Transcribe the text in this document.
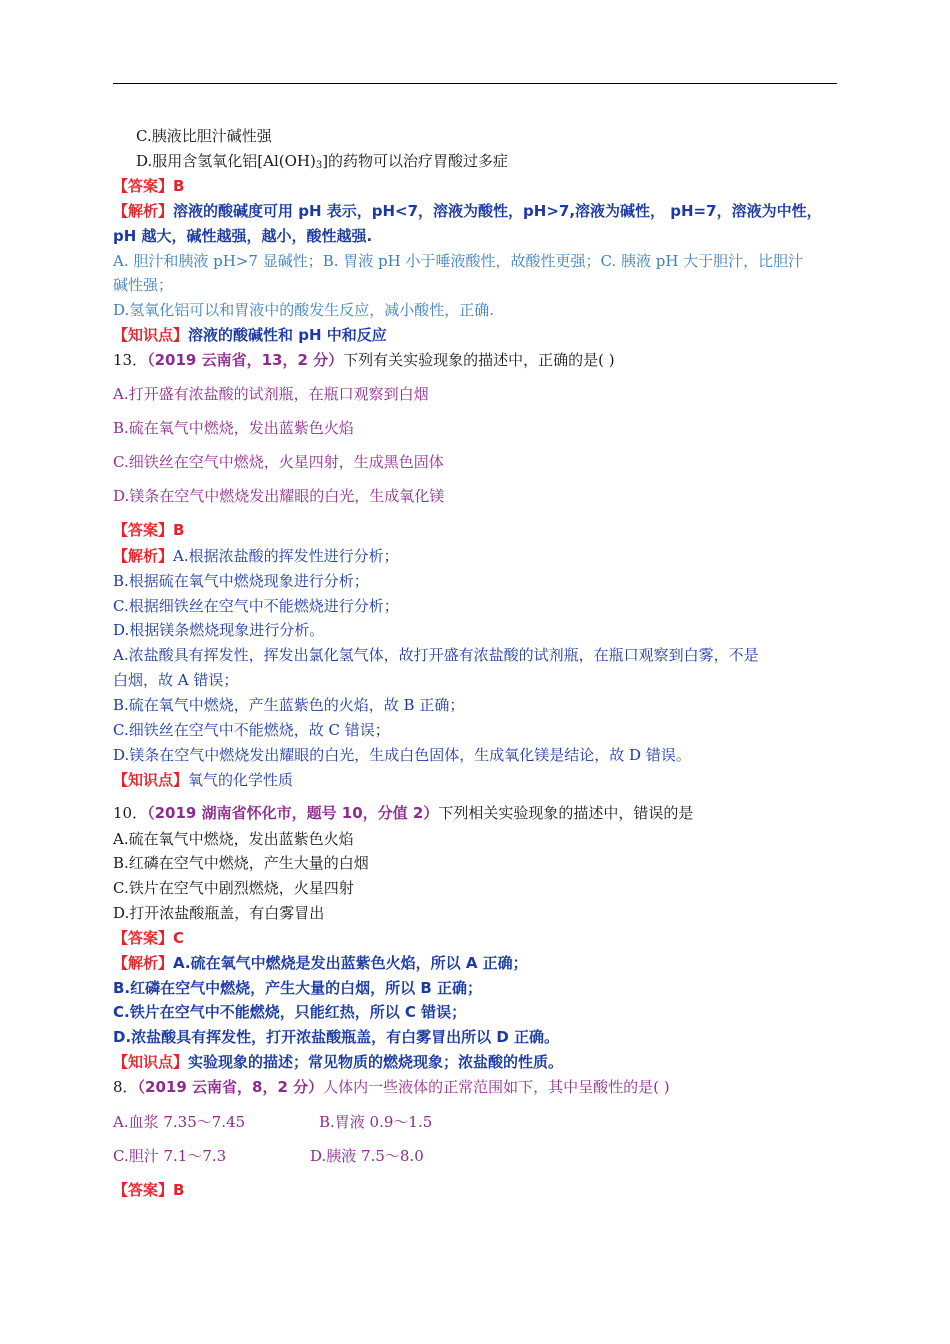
C.胰液比胆汁碱性强
D.服用含氢氧化铝$[Al(OH)_3]$的药物可以治疗胃酸过多症
【答案】B
【解析】溶液的酸碱度可用 pH 表示，pH<7，溶液为酸性，pH>7,溶液为碱性， pH=7，溶液为中性，
pH 越大，碱性越强，越小，酸性越强.
A. 胆汁和胰液 pH>7 显碱性；B. 胃液 pH 小于唾液酸性，故酸性更强；C. 胰液 pH 大于胆汁，比胆汁
碱性强；
D.氢氧化铝可以和胃液中的酸发生反应，减小酸性，正确.
【知识点】溶液的酸碱性和 pH 中和反应
13．（2019 云南省，13，2 分）下列有关实验现象的描述中，正确的是( )
A.打开盛有浓盐酸的试剂瓶，在瓶口观察到白烟
B.硫在氧气中燃烧，发出蓝紫色火焰
C.细铁丝在空气中燃烧，火星四射，生成黑色固体
D.镁条在空气中燃烧发出耀眼的白光，生成氧化镁
【答案】B
【解析】A.根据浓盐酸的挥发性进行分析；
B.根据硫在氧气中燃烧现象进行分析；
C.根据细铁丝在空气中不能燃烧进行分析；
D.根据镁条燃烧现象进行分析。
A.浓盐酸具有挥发性，挥发出氯化氢气体，故打开盛有浓盐酸的试剂瓶，在瓶口观察到白雾，不是
白烟，故 A 错误；
B.硫在氧气中燃烧，产生蓝紫色的火焰，故 B 正确；
C.细铁丝在空气中不能燃烧，故 C 错误；
D.镁条在空气中燃烧发出耀眼的白光，生成白色固体，生成氧化镁是结论，故 D 错误。
【知识点】氧气的化学性质
10．（2019 湖南省怀化市，题号 10，分值 2）下列相关实验现象的描述中，错误的是
A.硫在氧气中燃烧，发出蓝紫色火焰
B.红磷在空气中燃烧，产生大量的白烟
C.铁片在空气中剧烈燃烧，火星四射
D.打开浓盐酸瓶盖，有白雾冒出
【答案】C
【解析】A.硫在氧气中燃烧是发出蓝紫色火焰，所以 A 正确；
B.红磷在空气中燃烧，产生大量的白烟，所以 B 正确；
C.铁片在空气中不能燃烧，只能红热，所以 C 错误；
D.浓盐酸具有挥发性，打开浓盐酸瓶盖，有白雾冒出所以 D 正确。
【知识点】实验现象的描述；常见物质的燃烧现象；浓盐酸的性质。
8．（2019 云南省，8，2 分）人体内一些液体的正常范围如下，其中呈酸性的是( )
A.血浆 7.35～7.45	B.胃液 0.9～1.5
C.胆汁 7.1～7.3	D.胰液 7.5～8.0
【答案】B
